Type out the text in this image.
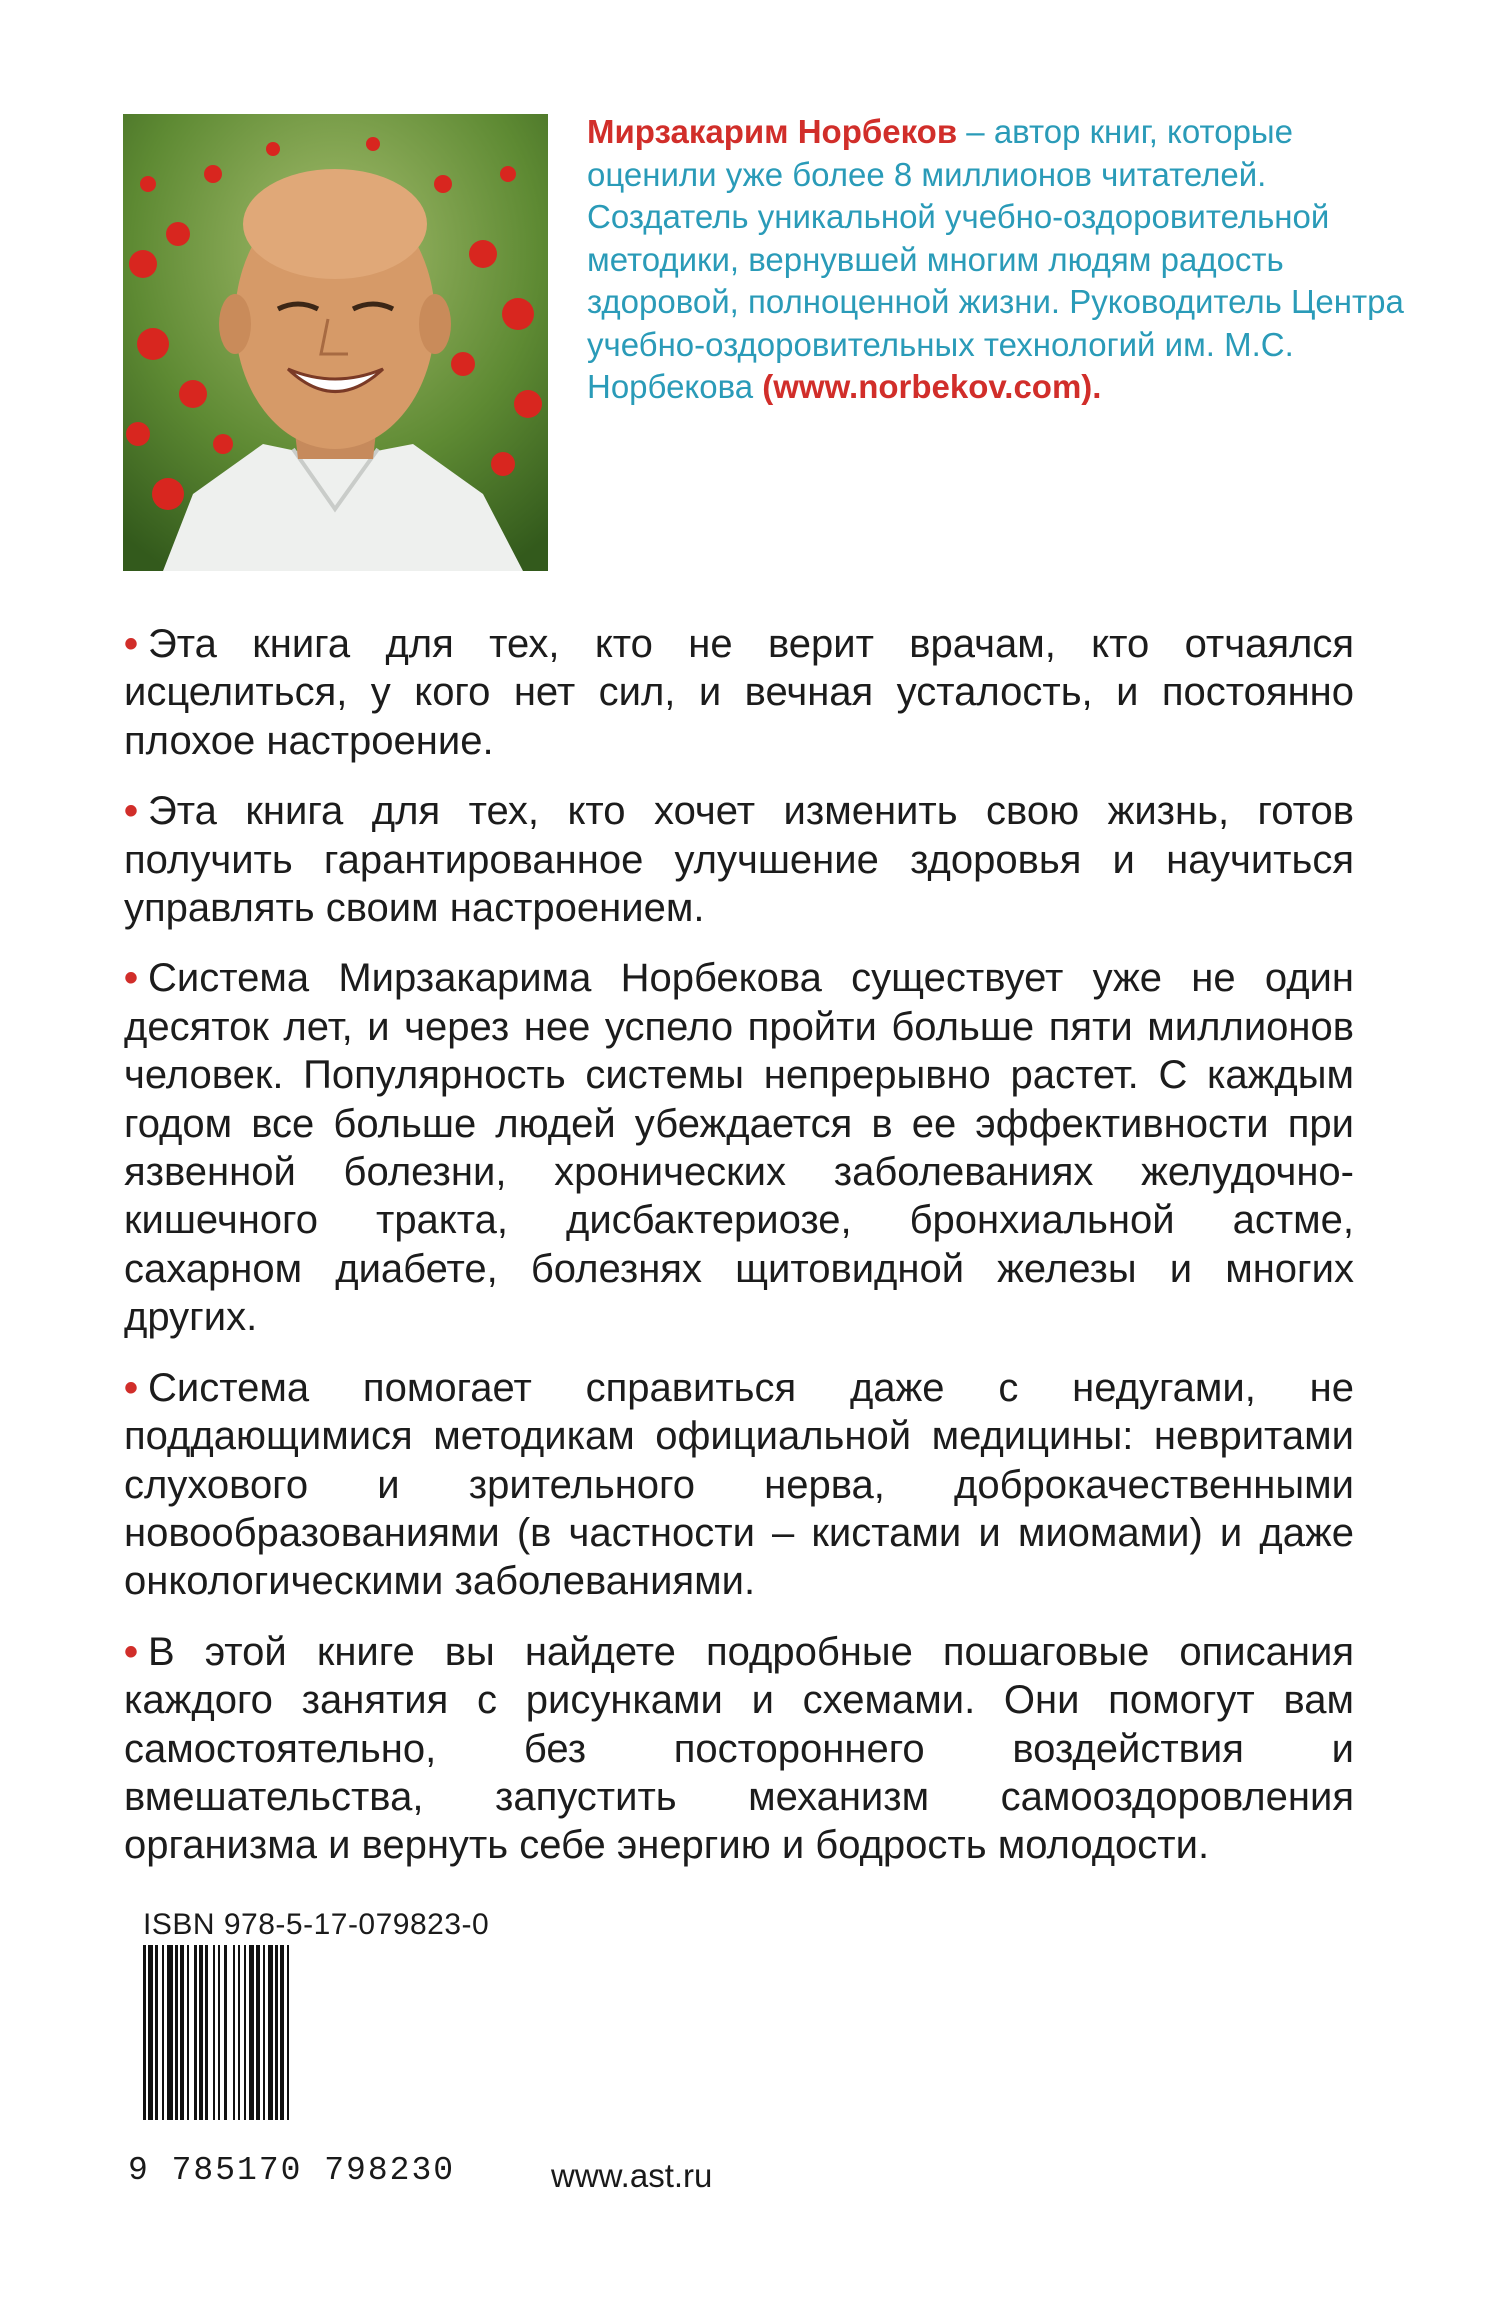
Мирзакарим Норбеков – автор книг, которые оценили уже более 8 миллионов читателей. Создатель уникальной учебно-оздоровительной методики, вернувшей многим людям радость здоровой, полноценной жизни. Руководитель Центра учебно-оздоровительных технологий им. М.С. Норбекова (www.norbekov.com).

• Эта книга для тех, кто не верит врачам, кто отчаялся исцелиться, у кого нет сил, и вечная усталость, и постоянно плохое настроение.

• Эта книга для тех, кто хочет изменить свою жизнь, готов получить гарантированное улучшение здоровья и научиться управлять своим настроением.

• Система Мирзакарима Норбекова существует уже не один десяток лет, и через нее успело пройти больше пяти миллионов человек. Популярность системы непрерывно растет. С каждым годом все больше людей убеждается в ее эффективности при язвенной болезни, хронических заболеваниях желудочно-кишечного тракта, дисбактериозе, бронхиальной астме, сахарном диабете, болезнях щитовидной железы и многих других.

• Система помогает справиться даже с недугами, не поддающимися методикам официальной медицины: невритами слухового и зрительного нерва, доброкачественными новообразованиями (в частности – кистами и миомами) и даже онкологическими заболеваниями.

• В этой книге вы найдете подробные пошаговые описания каждого занятия с рисунками и схемами. Они помогут вам самостоятельно, без постороннего воздействия и вмешательства, запустить механизм самооздоровления организма и вернуть себе энергию и бодрость молодости.

ISBN 978-5-17-079823-0
9 785170 798230	www.ast.ru
